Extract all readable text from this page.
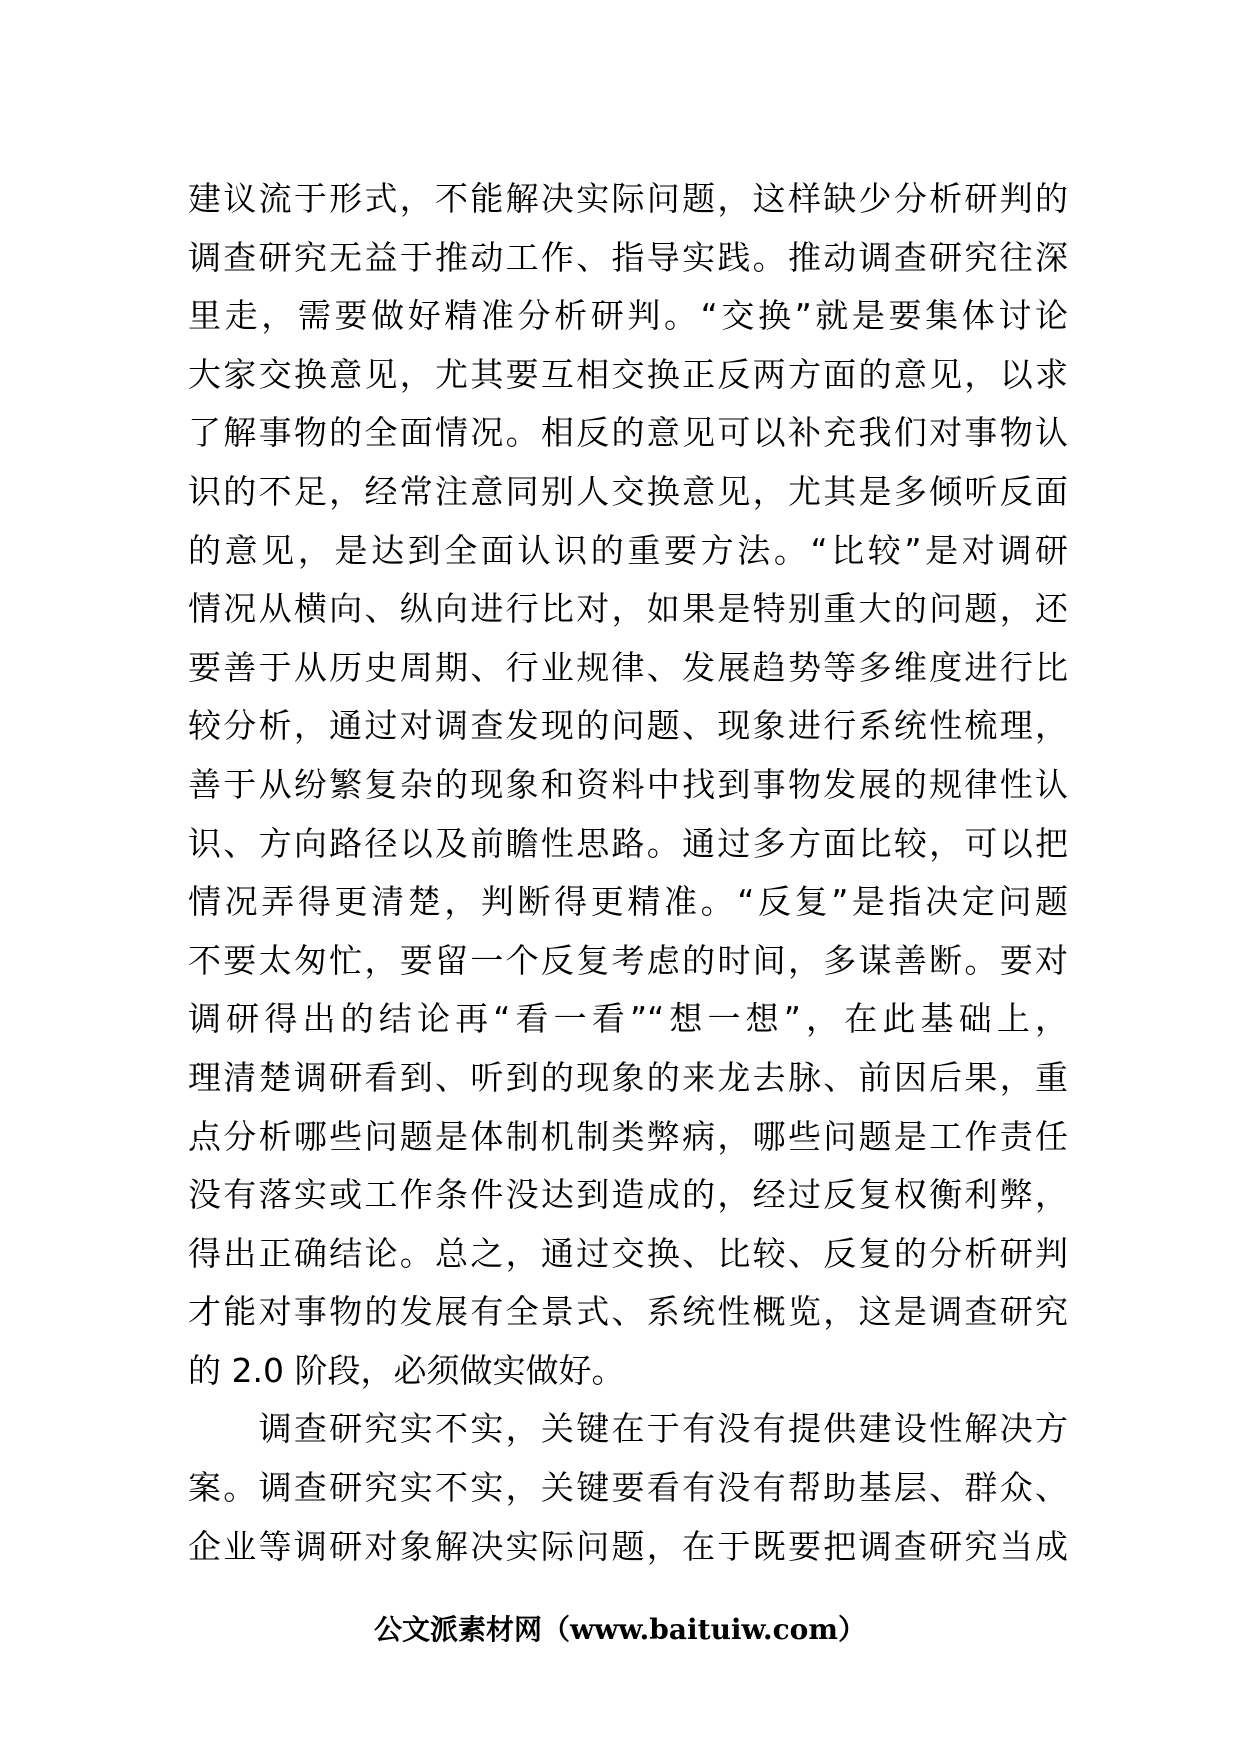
建议流于形式，不能解决实际问题，这样缺少分析研判的
调查研究无益于推动工作、指导实践。推动调查研究往深
里走，需要做好精准分析研判。“交换”就是要集体讨论
大家交换意见，尤其要互相交换正反两方面的意见，以求
了解事物的全面情况。相反的意见可以补充我们对事物认
识的不足，经常注意同别人交换意见，尤其是多倾听反面
的意见，是达到全面认识的重要方法。“比较”是对调研
情况从横向、纵向进行比对，如果是特别重大的问题，还
要善于从历史周期、行业规律、发展趋势等多维度进行比
较分析，通过对调查发现的问题、现象进行系统性梳理，
善于从纷繁复杂的现象和资料中找到事物发展的规律性认
识、方向路径以及前瞻性思路。通过多方面比较，可以把
情况弄得更清楚，判断得更精准。“反复”是指决定问题
不要太匆忙，要留一个反复考虑的时间，多谋善断。要对
调研得出的结论再“看一看”“想一想”，在此基础上，
理清楚调研看到、听到的现象的来龙去脉、前因后果，重
点分析哪些问题是体制机制类弊病，哪些问题是工作责任
没有落实或工作条件没达到造成的，经过反复权衡利弊，
得出正确结论。总之，通过交换、比较、反复的分析研判
才能对事物的发展有全景式、系统性概览，这是调查研究
的 2.0 阶段，必须做实做好。
　　调查研究实不实，关键在于有没有提供建设性解决方
案。调查研究实不实，关键要看有没有帮助基层、群众、
企业等调研对象解决实际问题，在于既要把调查研究当成
公文派素材网（www.baituiw.com）
